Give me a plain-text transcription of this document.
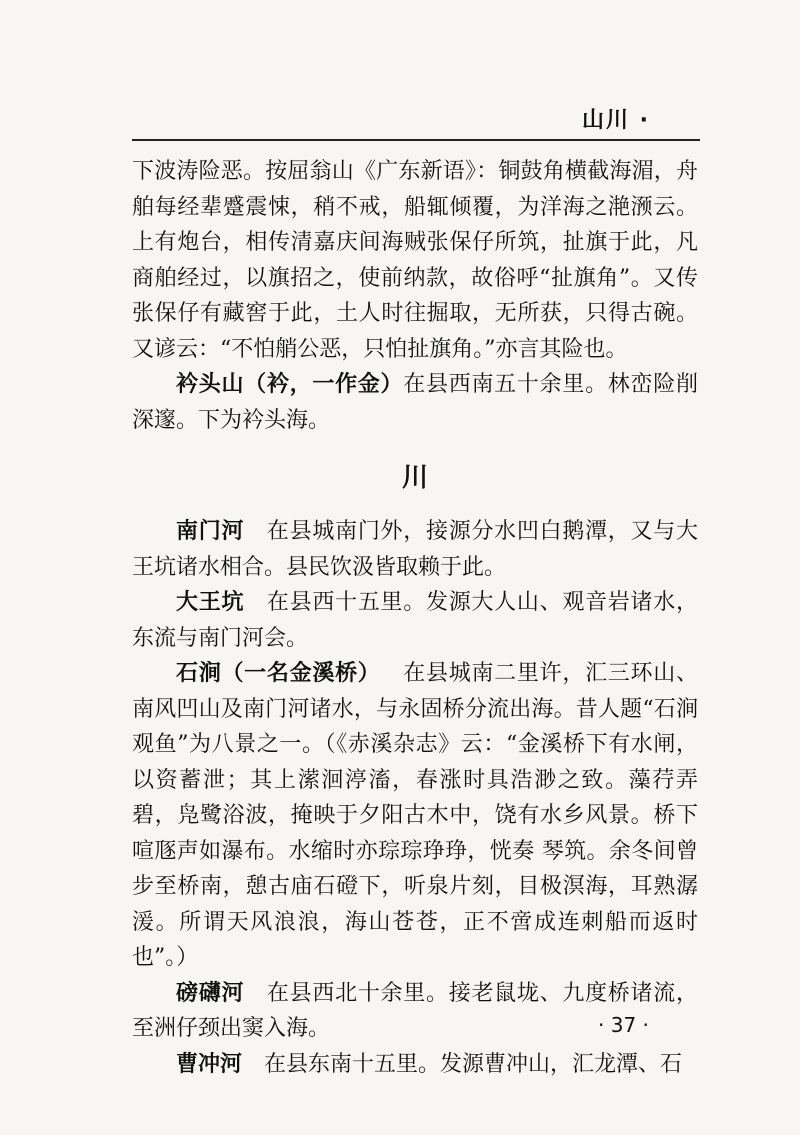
山川 ·

下波涛险恶。按屈翁山《广东新语》：铜鼓角横截海湄，舟舶每经辈蹙震悚，稍不戒，船辄倾覆，为洋海之滟滪云。上有炮台，相传清嘉庆间海贼张保仔所筑，扯旗于此，凡商舶经过，以旗招之，使前纳款，故俗呼“扯旗角”。又传张保仔有藏窖于此，土人时往掘取，无所获，只得古碗。又谚云：“不怕艄公恶，只怕扯旗角。”亦言其险也。

衿头山（衿，一作金）在县西南五十余里。林峦险削深邃。下为衿头海。

川

南门河 在县城南门外，接源分水凹白鹅潭，又与大王坑诸水相合。县民饮汲皆取赖于此。

大王坑 在县西十五里。发源大人山、观音岩诸水，东流与南门河会。

石涧（一名金溪桥） 在县城南二里许，汇三环山、南风凹山及南门河诸水，与永固桥分流出海。昔人题“石涧观鱼”为八景之一。（《赤溪杂志》云：“金溪桥下有水闸，以资蓄泄；其上潆洄渟滀，春涨时具浩渺之致。藻荇弄碧，凫鹭浴波，掩映于夕阳古木中，饶有水乡风景。桥下喧豗声如瀑布。水缩时亦琮琮琤琤，恍奏 琴筑。余冬间曾步至桥南，憩古庙石磴下，听泉片刻，目极溟海，耳熟潺湲。所谓天风浪浪，海山苍苍，正不啻成连刺船而返时也”。）

磅礴河 在县西北十余里。接老鼠垅、九度桥诸流，至洲仔颈出窦入海。

曹冲河 在县东南十五里。发源曹冲山，汇龙潭、石

· 37 ·
